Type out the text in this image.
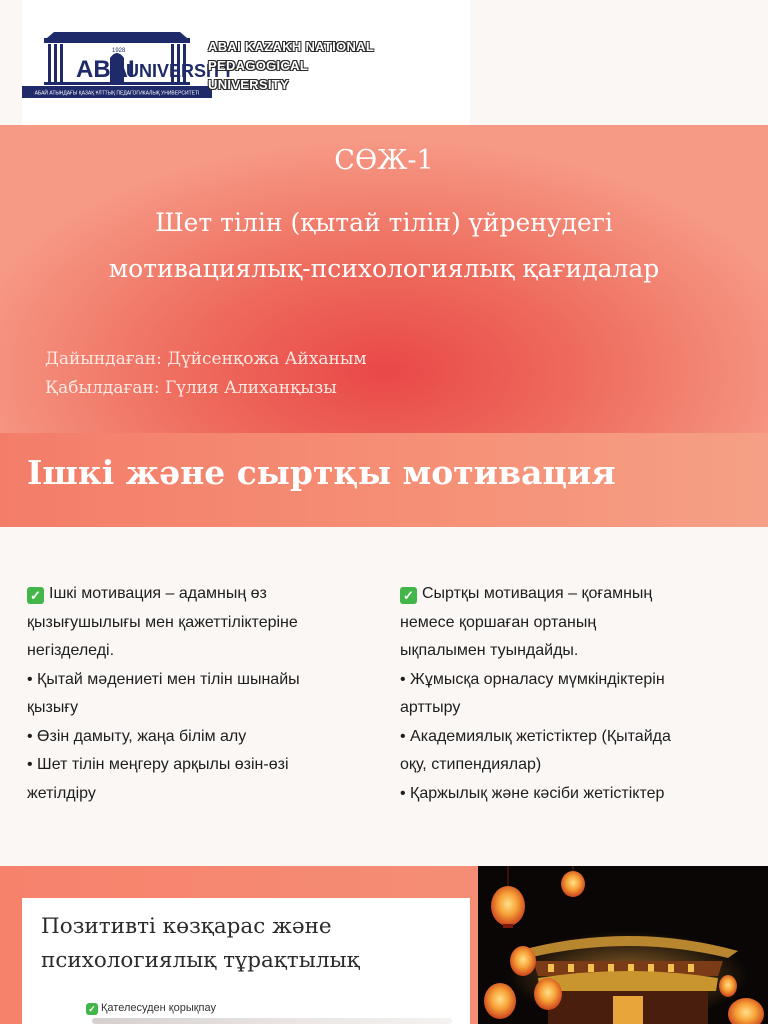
ABAI
UNIVERSITY
1928
АБАЙ АТЫНДАҒЫ ҚАЗАҚ ҰЛТТЫҚ ПЕДАГОГИКАЛЫҚ УНИВЕРСИТЕТІ
ABAI KAZAKH NATIONAL
PEDAGOGICAL
UNIVERSITY
СӨЖ-1
Шет тілін (қытай тілін) үйренудегі
мотивациялық-психологиялық қағидалар
Дайындаған: Дүйсенқожа Айханым
Қабылдаған: Гүлия Алиханқызы
Ішкі және сыртқы мотивация

✓ Ішкі мотивация – адамның өз

қызығушылығы мен қажеттіліктеріне

негізделеді.

• Қытай мәдениеті мен тілін шынайы

қызығу

• Өзін дамыту, жаңа білім алу

• Шет тілін меңгеру арқылы өзін-өзі

жетілдіру

✓ Сыртқы мотивация – қоғамның

немесе қоршаған ортаның

ықпалымен туындайды.

• Жұмысқа орналасу мүмкіндіктерін

арттыру

• Академиялық жетістіктер (Қытайда

оқу, стипендиялар)

• Қаржылық және кәсіби жетістіктер

Позитивті көзқарас және
психологиялық тұрақтылық
✓ Қателесуден қорықпау
